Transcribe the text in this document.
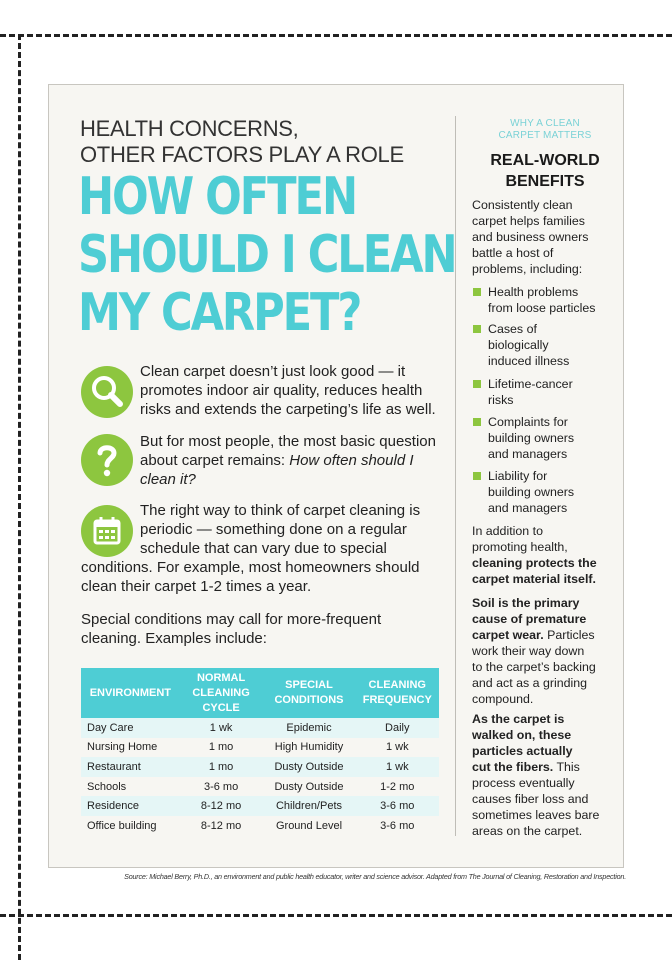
HEALTH CONCERNS,
OTHER FACTORS PLAY A ROLE
HOW OFTEN
SHOULD I CLEAN
MY CARPET?
Clean carpet doesn’t just look good — it
promotes indoor air quality, reduces health
risks and extends the carpeting’s life as well.
But for most people, the most basic question
about carpet remains: How often should I
clean it?
The right way to think of carpet cleaning is
periodic — something done on a regular
schedule that can vary due to special
conditions. For example, most homeowners should
clean their carpet 1-2 times a year.
Special conditions may call for more-frequent
cleaning. Examples include:
ENVIRONMENT	NORMAL
CLEANING
CYCLE	SPECIAL
CONDITIONS	CLEANING
FREQUENCY
Day Care	1 wk	Epidemic	Daily
Nursing Home	1 mo	High Humidity	1 wk
Restaurant	1 mo	Dusty Outside	1 wk
Schools	3-6 mo	Dusty Outside	1-2 mo
Residence	8-12 mo	Children/Pets	3-6 mo
Office building	8-12 mo	Ground Level	3-6 mo
WHY A CLEAN
CARPET MATTERS
REAL-WORLD
BENEFITS
Consistently clean
carpet helps families
and business owners
battle a host of
problems, including:
Health problems
from loose particles
Cases of
biologically
induced illness
Lifetime-cancer
risks
Complaints for
building owners
and managers
Liability for
building owners
and managers
In addition to
promoting health,
cleaning protects the
carpet material itself.
Soil is the primary
cause of premature
carpet wear. Particles
work their way down
to the carpet’s backing
and act as a grinding
compound.
As the carpet is
walked on, these
particles actually
cut the fibers. This
process eventually
causes fiber loss and
sometimes leaves bare
areas on the carpet.
Source: Michael Berry, Ph.D., an environment and public health educator, writer and science advisor. Adapted from The Journal of Cleaning, Restoration and Inspection.
